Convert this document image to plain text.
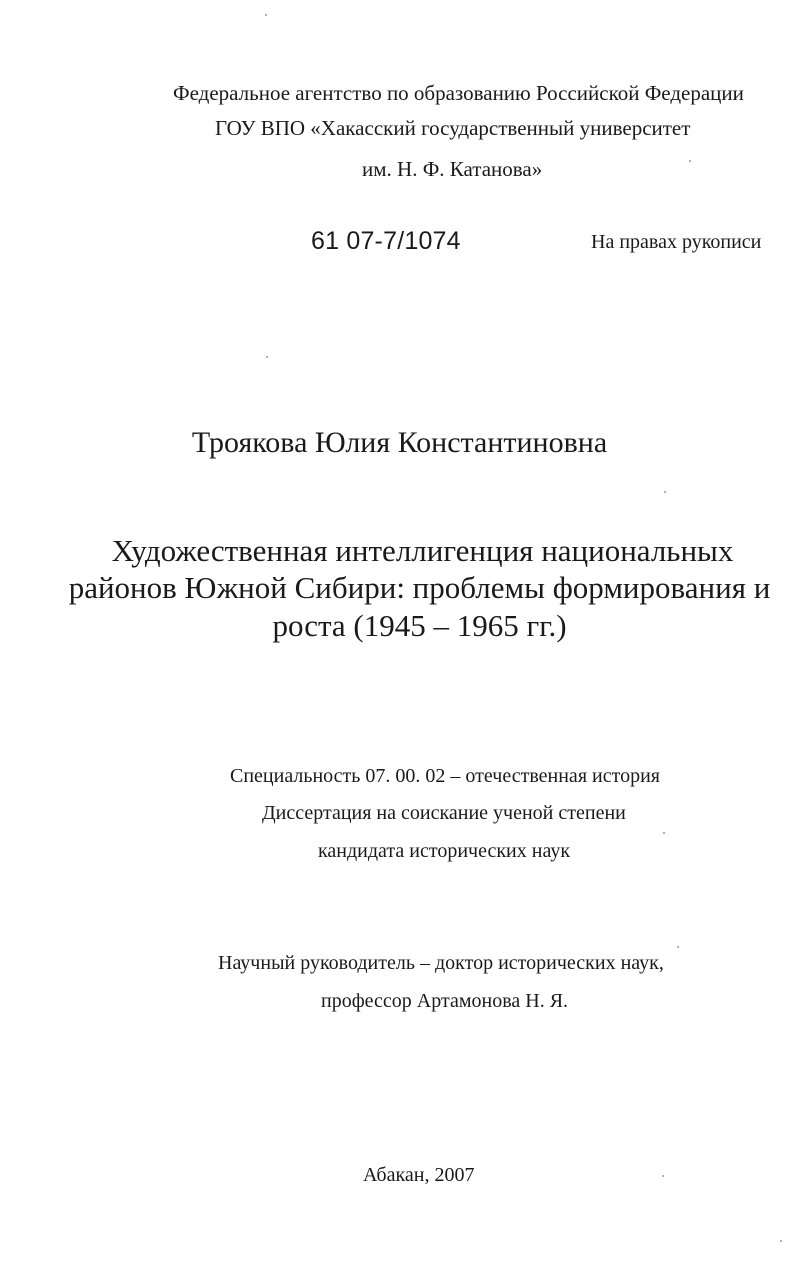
Федеральное агентство по образованию Российской Федерации
ГОУ ВПО «Хакасский государственный университет
им. Н. Ф. Катанова»
61 07-7/1074	На правах рукописи
Троякова Юлия Константиновна
Художественная интеллигенция национальных
районов Южной Сибири: проблемы формирования и
роста (1945 – 1965 гг.)
Специальность 07. 00. 02 – отечественная история
Диссертация на соискание ученой степени
кандидата исторических наук
Научный руководитель – доктор исторических наук,
профессор Артамонова Н. Я.
Абакан, 2007
